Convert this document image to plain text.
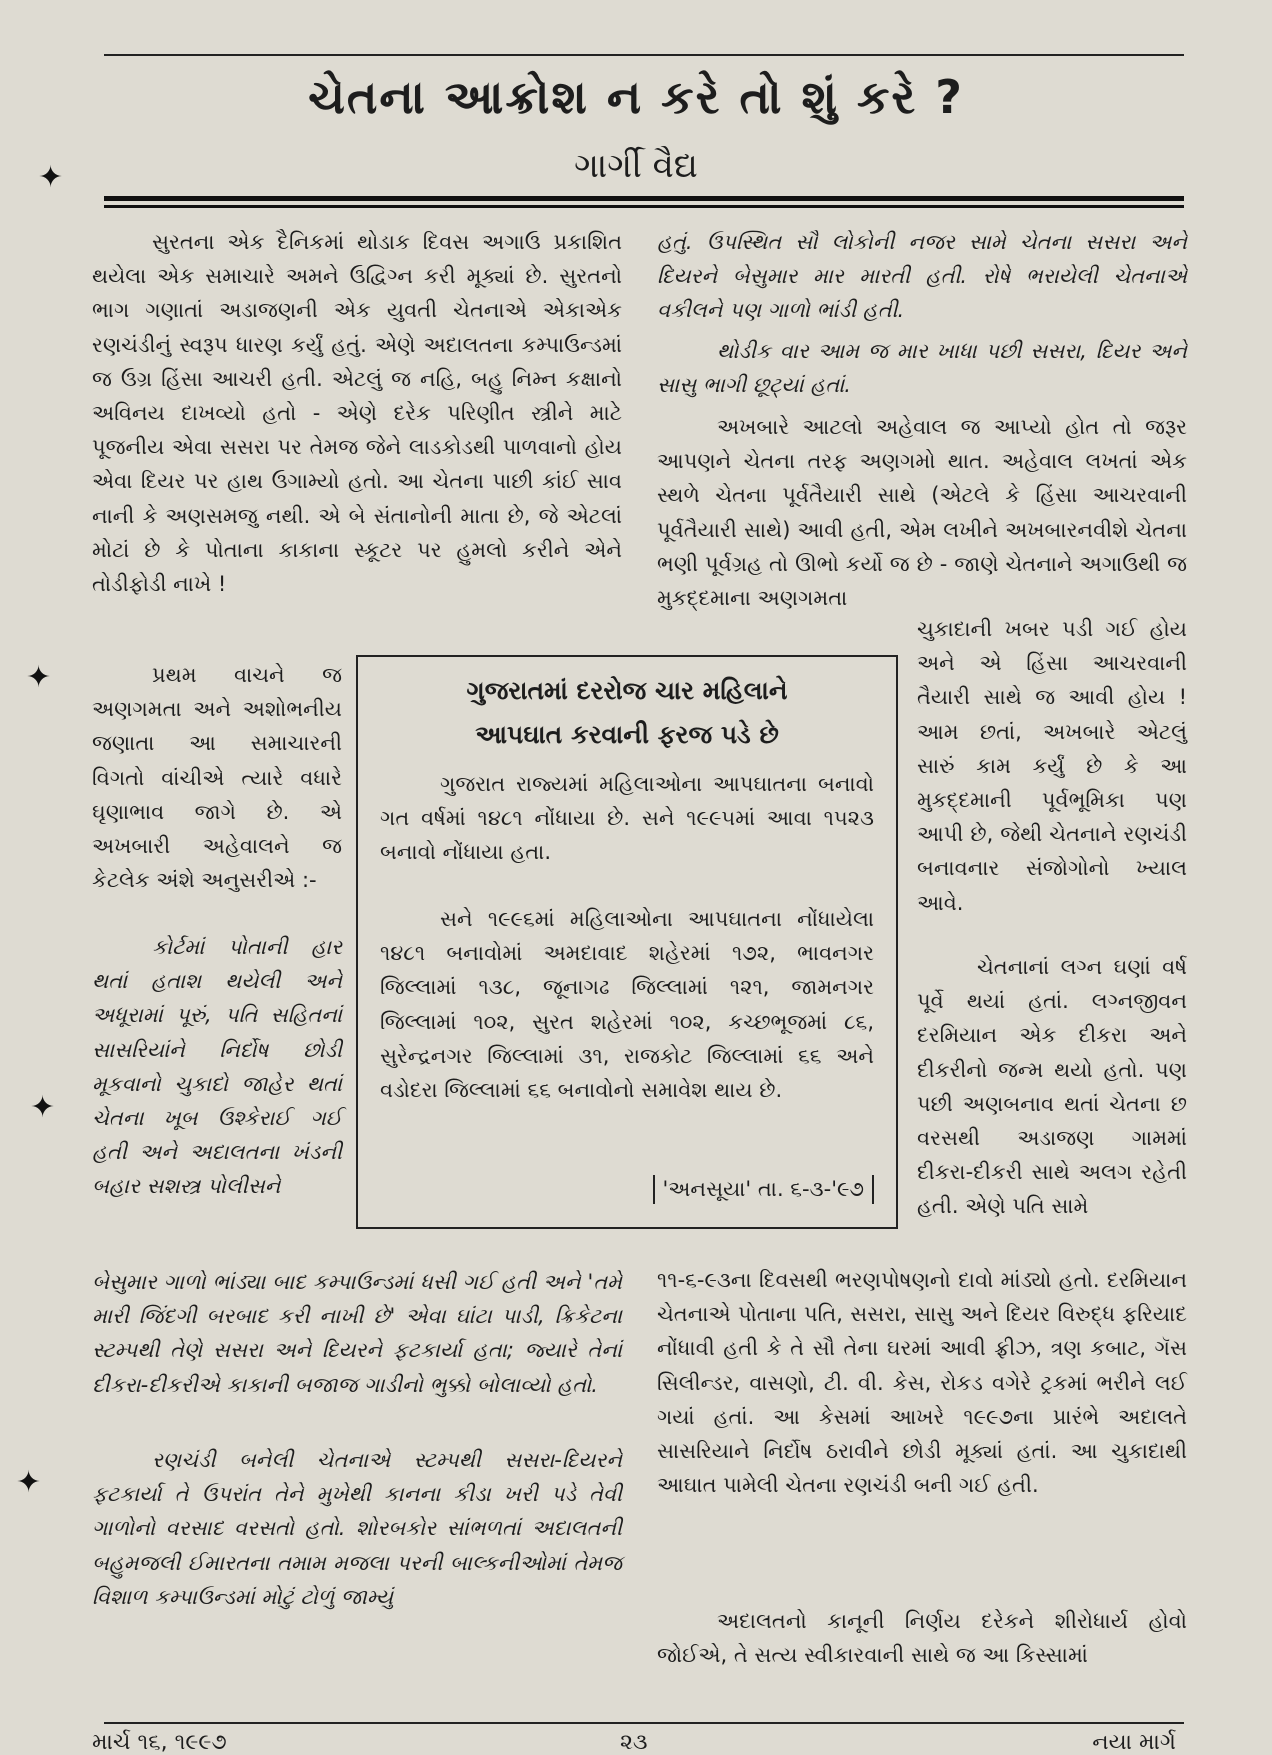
ચેતના આક્રોશ ન કરે તો શું કરે ?
ગાર્ગી વૈદ્ય

સુરતના એક દૈનિકમાં થોડાક દિવસ અગાઉ પ્રકાશિત થયેલા એક સમાચારે અમને ઉદ્વિગ્ન કરી મૂક્યાં છે. સુરતનો ભાગ ગણાતાં અડાજણની એક યુવતી ચેતનાએ એકાએક રણચંડીનું સ્વરૂપ ધારણ કર્યું હતું. એણે અદાલતના કમ્પાઉન્ડમાં જ ઉગ્ર હિંસા આચરી હતી. એટલું જ નહિ, બહુ નિમ્ન કક્ષાનો અવિનય દાખવ્યો હતો - એણે દરેક પરિણીત સ્ત્રીને માટે પૂજનીય એવા સસરા પર તેમજ જેને લાડકોડથી પાળવાનો હોય એવા દિયર પર હાથ ઉગામ્યો હતો. આ ચેતના પાછી કાંઈ સાવ નાની કે અણસમજુ નથી. એ બે સંતાનોની માતા છે, જે એટલાં મોટાં છે કે પોતાના કાકાના સ્કૂટર પર હુમલો કરીને એને તોડીફોડી નાખે !

પ્રથમ વાચને જ અણગમતા અને અશોભનીય જણાતા આ સમાચારની વિગતો વાંચીએ ત્યારે વધારે ઘૃણાભાવ જાગે છે. એ અખબારી અહેવાલને જ કેટલેક અંશે અનુસરીએ :-

કોર્ટમાં પોતાની હાર થતાં હતાશ થયેલી અને અધૂરામાં પૂરું, પતિ સહિતનાં સાસરિયાંને નિર્દોષ છોડી મૂકવાનો ચુકાદો જાહેર થતાં ચેતના ખૂબ ઉશ્કેરાઈ ગઈ હતી અને અદાલતના ખંડની બહાર સશસ્ત્ર પોલીસને

બેસુમાર ગાળો ભાંડ્યા બાદ કમ્પાઉન્ડમાં ધસી ગઈ હતી અને 'તમે મારી જિંદગી બરબાદ કરી નાખી છે' એવા ઘાંટા પાડી, ક્રિકેટના સ્ટમ્પથી તેણે સસરા અને દિયરને ફટકાર્યા હતા; જ્યારે તેનાં દીકરા-દીકરીએ કાકાની બજાજ ગાડીનો ભુક્કો બોલાવ્યો હતો.

રણચંડી બનેલી ચેતનાએ સ્ટમ્પથી સસરા-દિયરને ફટકાર્યા તે ઉપરાંત તેને મુખેથી કાનના કીડા ખરી પડે તેવી ગાળોનો વરસાદ વરસતો હતો. શોરબકોર સાંભળતાં અદાલતની બહુમજલી ઈમારતના તમામ મજલા પરની બાલ્કનીઓમાં તેમજ વિશાળ કમ્પાઉન્ડમાં મોટું ટોળું જામ્યું

હતું. ઉપસ્થિત સૌ લોકોની નજર સામે ચેતના સસરા અને દિયરને બેસુમાર માર મારતી હતી. રોષે ભરાયેલી ચેતનાએ વકીલને પણ ગાળો ભાંડી હતી.

થોડીક વાર આમ જ માર ખાધા પછી સસરા, દિયર અને સાસુ ભાગી છૂટ્યાં હતાં.

અખબારે આટલો અહેવાલ જ આપ્યો હોત તો જરૂર આપણને ચેતના તરફ અણગમો થાત. અહેવાલ લખતાં એક સ્થળે ચેતના પૂર્વતૈયારી સાથે (એટલે કે હિંસા આચરવાની પૂર્વતૈયારી સાથે) આવી હતી, એમ લખીને અખબારનવીશે ચેતના ભણી પૂર્વગ્રહ તો ઊભો કર્યો જ છે - જાણે ચેતનાને અગાઉથી જ મુકદ્દમાના અણગમતા

ચુકાદાની ખબર પડી ગઈ હોય અને એ હિંસા આચરવાની તૈયારી સાથે જ આવી હોય ! આમ છતાં, અખબારે એટલું સારું કામ કર્યું છે કે આ મુકદ્દમાની પૂર્વભૂમિકા પણ આપી છે, જેથી ચેતનાને રણચંડી બનાવનાર સંજોગોનો ખ્યાલ આવે.

ચેતનાનાં લગ્ન ઘણાં વર્ષ પૂર્વે થયાં હતાં. લગ્નજીવન દરમિયાન એક દીકરા અને દીકરીનો જન્મ થયો હતો. પણ પછી અણબનાવ થતાં ચેતના છ વરસથી અડાજણ ગામમાં દીકરા-દીકરી સાથે અલગ રહેતી હતી. એણે પતિ સામે

૧૧-૬-૯૩ના દિવસથી ભરણપોષણનો દાવો માંડ્યો હતો. દરમિયાન ચેતનાએ પોતાના પતિ, સસરા, સાસુ અને દિયર વિરુદ્ધ ફરિયાદ નોંધાવી હતી કે તે સૌ તેના ઘરમાં આવી ફ્રીઝ, ત્રણ કબાટ, ગૅસ સિલીન્ડર, વાસણો, ટી. વી. કેસ, રોકડ વગેરે ટ્રકમાં ભરીને લઈ ગયાં હતાં. આ કેસમાં આખરે ૧૯૯૭ના પ્રારંભે અદાલતે સાસરિયાને નિર્દોષ ઠરાવીને છોડી મૂક્યાં હતાં. આ ચુકાદાથી આઘાત પામેલી ચેતના રણચંડી બની ગઈ હતી.

અદાલતનો કાનૂની નિર્ણય દરેકને શીરોધાર્ય હોવો જોઈએ, તે સત્ય સ્વીકારવાની સાથે જ આ કિસ્સામાં

ગુજરાતમાં દરરોજ ચાર મહિલાને

આપઘાત કરવાની ફરજ પડે છે

ગુજરાત રાજ્યમાં મહિલાઓના આપઘાતના બનાવો ગત વર્ષમાં ૧૪૮૧ નોંધાયા છે. સને ૧૯૯૫માં આવા ૧૫૨૩ બનાવો નોંધાયા હતા.

સને ૧૯૯૬માં મહિલાઓના આપઘાતના નોંધાયેલા ૧૪૮૧ બનાવોમાં અમદાવાદ શહેરમાં ૧૭૨, ભાવનગર જિલ્લામાં ૧૩૮, જૂનાગઢ જિલ્લામાં ૧૨૧, જામનગર જિલ્લામાં ૧૦૨, સુરત શહેરમાં ૧૦૨, કચ્છભૂજમાં ૮૬, સુરેન્દ્રનગર જિલ્લામાં ૩૧, રાજકોટ જિલ્લામાં ૬૬ અને વડોદરા જિલ્લામાં ૬૬ બનાવોનો સમાવેશ થાય છે.

'અનસૂયા' તા. ૬-૩-'૯૭
✦
✦
✦
✦
માર્ચ ૧૬, ૧૯૯૭	૨૩	નયા માર્ગ
